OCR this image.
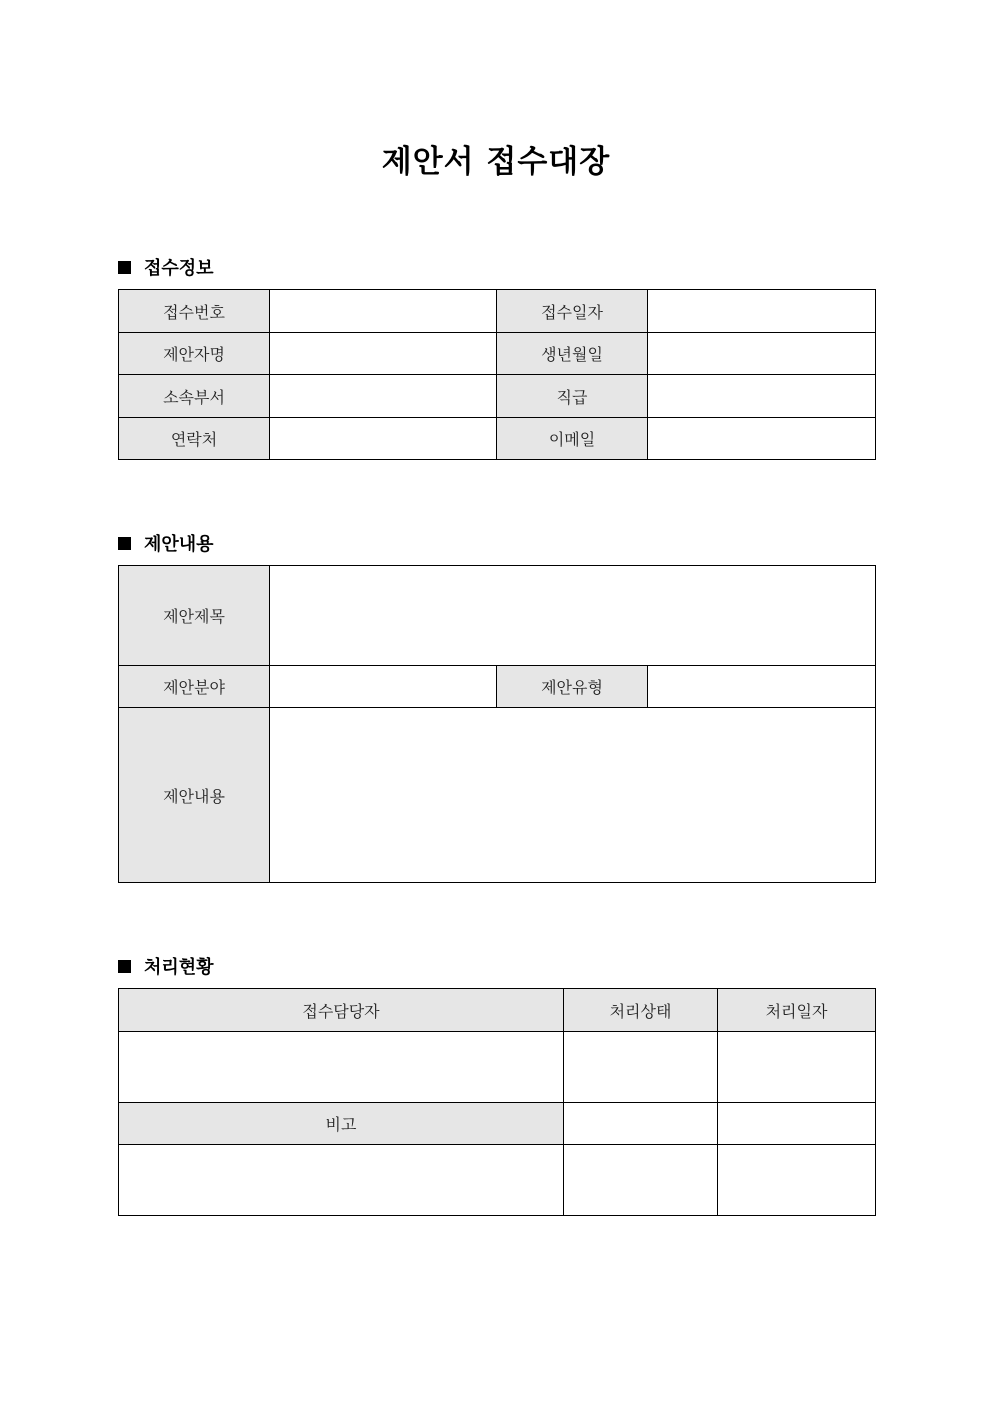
제안서 접수대장
접수정보
접수번호		접수일자	
제안자명		생년월일	
소속부서		직급	
연락처		이메일	
제안내용
제안제목			
제안분야		제안유형	
제안내용			
처리현황
접수담당자	처리상태	처리일자

비고		
